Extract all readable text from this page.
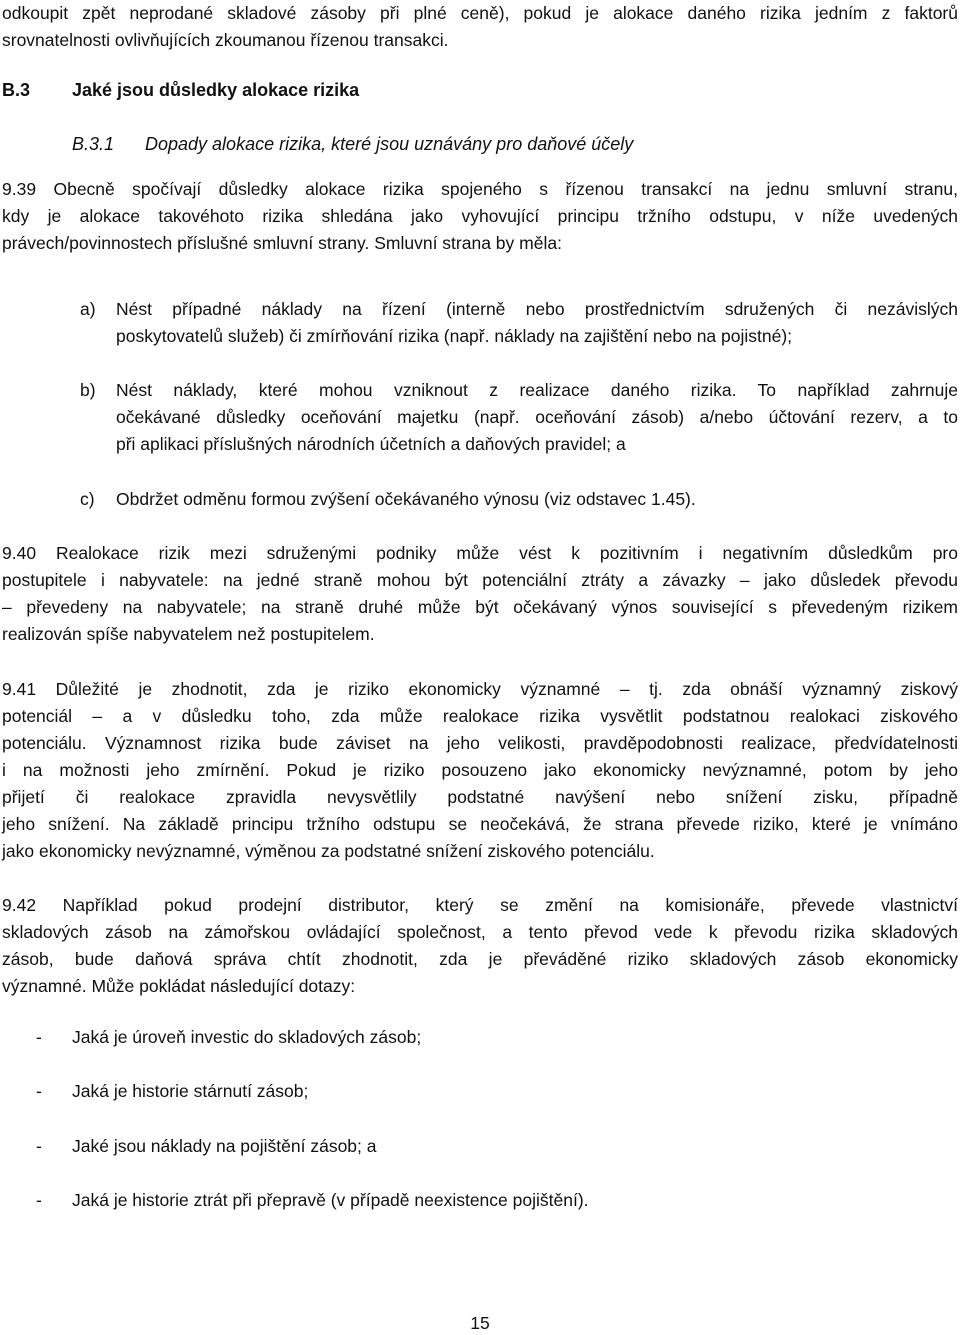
odkoupit zpět neprodané skladové zásoby při plné ceně), pokud je alokace daného rizika jedním z faktorů
srovnatelnosti ovlivňujících zkoumanou řízenou transakci.
B.3 Jaké jsou důsledky alokace rizika
B.3.1 Dopady alokace rizika, které jsou uznávány pro daňové účely
9.39 Obecně spočívají důsledky alokace rizika spojeného s řízenou transakcí na jednu smluvní stranu,
kdy je alokace takovéhoto rizika shledána jako vyhovující principu tržního odstupu, v níže uvedených
právech/povinnostech příslušné smluvní strany. Smluvní strana by měla:
a) Nést případné náklady na řízení (interně nebo prostřednictvím sdružených či nezávislých
poskytovatelů služeb) či zmírňování rizika (např. náklady na zajištění nebo na pojistné);
b) Nést náklady, které mohou vzniknout z realizace daného rizika. To například zahrnuje
očekávané důsledky oceňování majetku (např. oceňování zásob) a/nebo účtování rezerv, a to
při aplikaci příslušných národních účetních a daňových pravidel; a
c) Obdržet odměnu formou zvýšení očekávaného výnosu (viz odstavec 1.45).
9.40 Realokace rizik mezi sdruženými podniky může vést k pozitivním i negativním důsledkům pro
postupitele i nabyvatele: na jedné straně mohou být potenciální ztráty a závazky – jako důsledek převodu
– převedeny na nabyvatele; na straně druhé může být očekávaný výnos související s převedeným rizikem
realizován spíše nabyvatelem než postupitelem.
9.41 Důležité je zhodnotit, zda je riziko ekonomicky významné – tj. zda obnáší významný ziskový
potenciál – a v důsledku toho, zda může realokace rizika vysvětlit podstatnou realokaci ziskového
potenciálu. Významnost rizika bude záviset na jeho velikosti, pravděpodobnosti realizace, předvídatelnosti
i na možnosti jeho zmírnění. Pokud je riziko posouzeno jako ekonomicky nevýznamné, potom by jeho
přijetí či realokace zpravidla nevysvětlily podstatné navýšení nebo snížení zisku, případně
jeho snížení. Na základě principu tržního odstupu se neočekává, že strana převede riziko, které je vnímáno
jako ekonomicky nevýznamné, výměnou za podstatné snížení ziskového potenciálu.
9.42 Například pokud prodejní distributor, který se změní na komisionáře, převede vlastnictví
skladových zásob na zámořskou ovládající společnost, a tento převod vede k převodu rizika skladových
zásob, bude daňová správa chtít zhodnotit, zda je převáděné riziko skladových zásob ekonomicky
významné. Může pokládat následující dotazy:
- Jaká je úroveň investic do skladových zásob;
- Jaká je historie stárnutí zásob;
- Jaké jsou náklady na pojištění zásob; a
- Jaká je historie ztrát při přepravě (v případě neexistence pojištění).
15
